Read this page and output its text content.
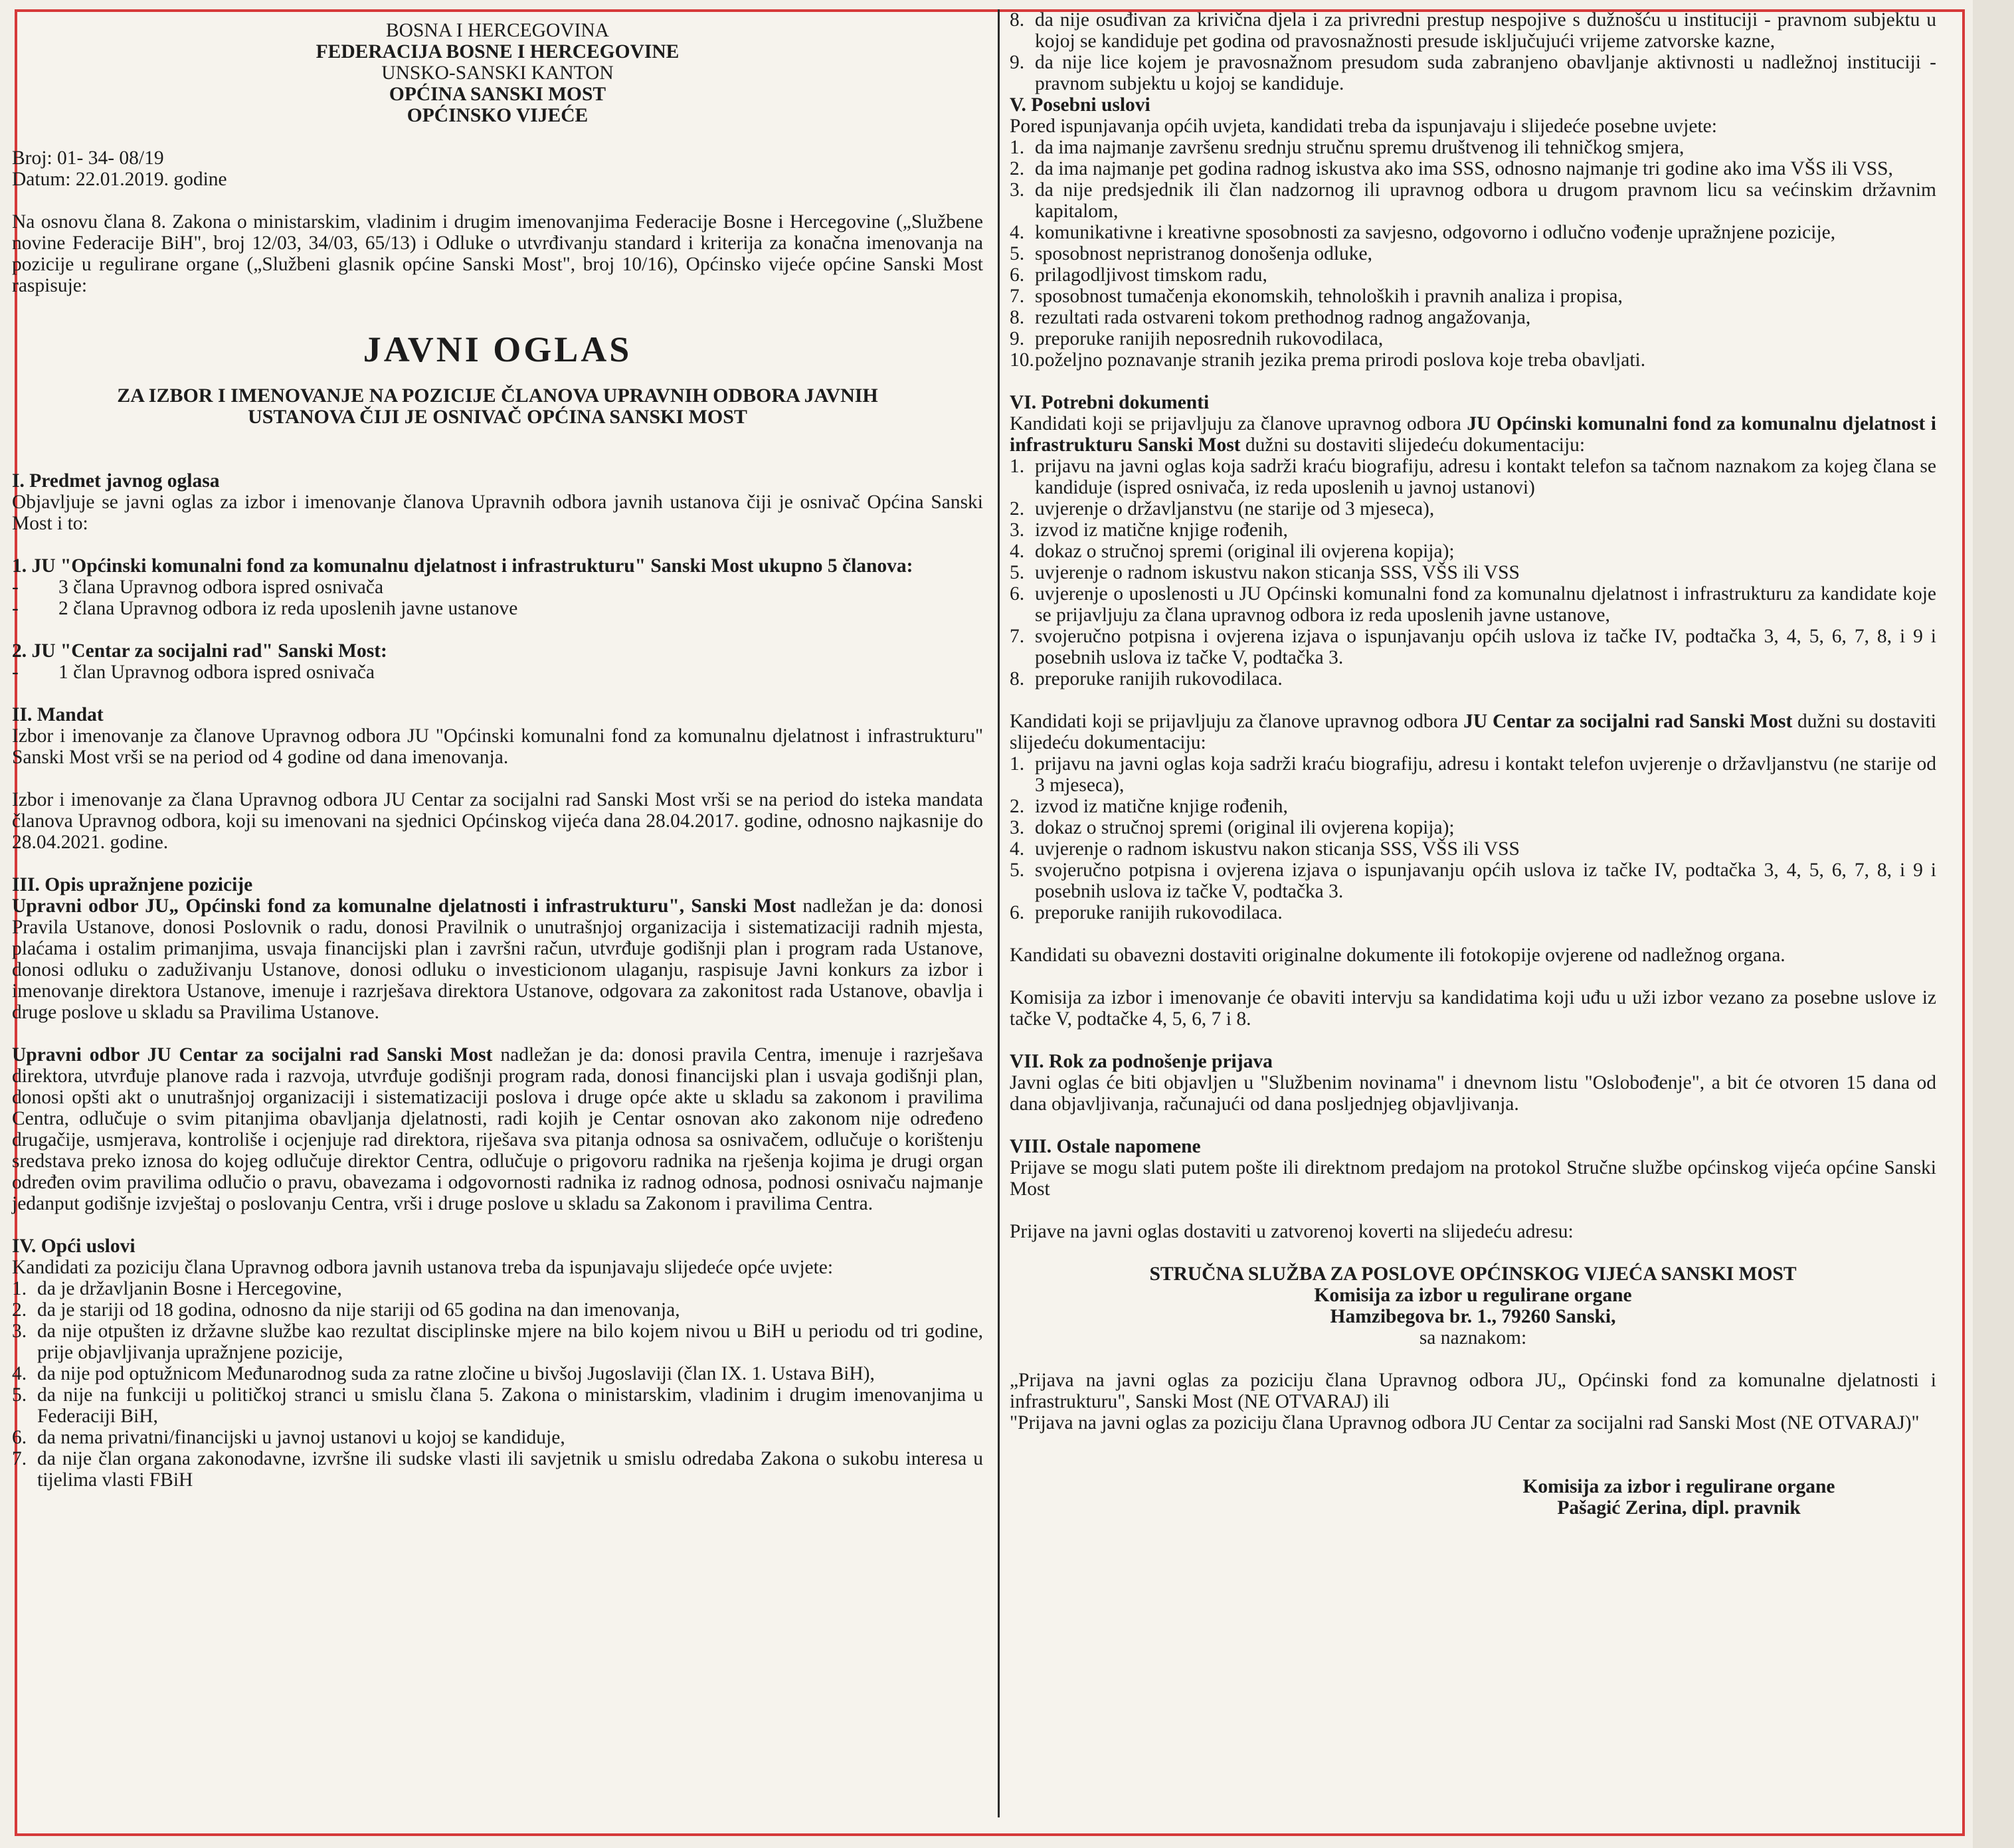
BOSNA I HERCEGOVINA

FEDERACIJA BOSNE I HERCEGOVINE

UNSKO-SANSKI KANTON

OPĆINA SANSKI MOST

OPĆINSKO VIJEĆE

Broj: 01- 34- 08/19

Datum: 22.01.2019. godine

Na osnovu člana 8. Zakona o ministarskim, vladinim i drugim imenovanjima Federacije Bosne i Hercegovine („Službene novine Federacije BiH", broj 12/03, 34/03, 65/13) i Odluke o utvrđivanju standard i kriterija za konačna imenovanja na pozicije u regulirane organe („Službeni glasnik općine Sanski Most", broj 10/16), Općinsko vijeće općine Sanski Most raspisuje:

JAVNI OGLAS

ZA IZBOR I IMENOVANJE NA POZICIJE ČLANOVA UPRAVNIH ODBORA JAVNIH USTANOVA ČIJI JE OSNIVAČ OPĆINA SANSKI MOST

I. Predmet javnog oglasa

Objavljuje se javni oglas za izbor i imenovanje članova Upravnih odbora javnih ustanova čiji je osnivač Općina Sanski Most i to:

1. JU "Općinski komunalni fond za komunalnu djelatnost i infrastrukturu" Sanski Most ukupno 5 članova:

- 3 člana Upravnog odbora ispred osnivača
- 2 člana Upravnog odbora iz reda uposlenih javne ustanove

2. JU "Centar za socijalni rad" Sanski Most:

- 1 član Upravnog odbora ispred osnivača

II. Mandat

Izbor i imenovanje za članove Upravnog odbora JU "Općinski komunalni fond za komunalnu djelatnost i infrastrukturu" Sanski Most vrši se na period od 4 godine od dana imenovanja.

Izbor i imenovanje za člana Upravnog odbora JU Centar za socijalni rad Sanski Most vrši se na period do isteka mandata članova Upravnog odbora, koji su imenovani na sjednici Općinskog vijeća dana 28.04.2017. godine, odnosno najkasnije do 28.04.2021. godine.

III. Opis upražnjene pozicije

Upravni odbor JU„ Općinski fond za komunalne djelatnosti i infrastrukturu", Sanski Most nadležan je da: donosi Pravila Ustanove, donosi Poslovnik o radu, donosi Pravilnik o unutrašnjoj organizacija i sistematizaciji radnih mjesta, plaćama i ostalim primanjima, usvaja financijski plan i završni račun, utvrđuje godišnji plan i program rada Ustanove, donosi odluku o zaduživanju Ustanove, donosi odluku o investicionom ulaganju, raspisuje Javni konkurs za izbor i imenovanje direktora Ustanove, imenuje i razrješava direktora Ustanove, odgovara za zakonitost rada Ustanove, obavlja i druge poslove u skladu sa Pravilima Ustanove.

Upravni odbor JU Centar za socijalni rad Sanski Most nadležan je da: donosi pravila Centra, imenuje i razrješava direktora, utvrđuje planove rada i razvoja, utvrđuje godišnji program rada, donosi financijski plan i usvaja godišnji plan, donosi opšti akt o unutrašnjoj organizaciji i sistematizaciji poslova i druge opće akte u skladu sa zakonom i pravilima Centra, odlučuje o svim pitanjima obavljanja djelatnosti, radi kojih je Centar osnovan ako zakonom nije određeno drugačije, usmjerava, kontroliše i ocjenjuje rad direktora, riješava sva pitanja odnosa sa osnivačem, odlučuje o korištenju sredstava preko iznosa do kojeg odlučuje direktor Centra, odlučuje o prigovoru radnika na rješenja kojima je drugi organ određen ovim pravilima odlučio o pravu, obavezama i odgovornosti radnika iz radnog odnosa, podnosi osnivaču najmanje jedanput godišnje izvještaj o poslovanju Centra, vrši i druge poslove u skladu sa Zakonom i pravilima Centra.

IV. Opći uslovi

Kandidati za poziciju člana Upravnog odbora javnih ustanova treba da ispunjavaju slijedeće opće uvjete:

1. da je državljanin Bosne i Hercegovine,
2. da je stariji od 18 godina, odnosno da nije stariji od 65 godina na dan imenovanja,
3. da nije otpušten iz državne službe kao rezultat disciplinske mjere na bilo kojem nivou u BiH u periodu od tri godine, prije objavljivanja upražnjene pozicije,
4. da nije pod optužnicom Međunarodnog suda za ratne zločine u bivšoj Jugoslaviji (član IX. 1. Ustava BiH),
5. da nije na funkciji u političkoj stranci u smislu člana 5. Zakona o ministarskim, vladinim i drugim imenovanjima u Federaciji BiH,
6. da nema privatni/financijski u javnoj ustanovi u kojoj se kandiduje,
7. da nije član organa zakonodavne, izvršne ili sudske vlasti ili savjetnik u smislu odredaba Zakona o sukobu interesa u tijelima vlasti FBiH
8. da nije osuđivan za krivična djela i za privredni prestup nespojive s dužnošću u instituciji - pravnom subjektu u kojoj se kandiduje pet godina od pravosnažnosti presude isključujući vrijeme zatvorske kazne,
9. da nije lice kojem je pravosnažnom presudom suda zabranjeno obavljanje aktivnosti u nadležnoj instituciji - pravnom subjektu u kojoj se kandiduje.

V. Posebni uslovi

Pored ispunjavanja općih uvjeta, kandidati treba da ispunjavaju i slijedeće posebne uvjete:

1. da ima najmanje završenu srednju stručnu spremu društvenog ili tehničkog smjera,
2. da ima najmanje pet godina radnog iskustva ako ima SSS, odnosno najmanje tri godine ako ima VŠS ili VSS,
3. da nije predsjednik ili član nadzornog ili upravnog odbora u drugom pravnom licu sa većinskim državnim kapitalom,
4. komunikativne i kreativne sposobnosti za savjesno, odgovorno i odlučno vođenje upražnjene pozicije,
5. sposobnost nepristranog donošenja odluke,
6. prilagodljivost timskom radu,
7. sposobnost tumačenja ekonomskih, tehnoloških i pravnih analiza i propisa,
8. rezultati rada ostvareni tokom prethodnog radnog angažovanja,
9. preporuke ranijih neposrednih rukovodilaca,
10. poželjno poznavanje stranih jezika prema prirodi poslova koje treba obavljati.

VI. Potrebni dokumenti

Kandidati koji se prijavljuju za članove upravnog odbora JU Općinski komunalni fond za komunalnu djelatnost i infrastrukturu Sanski Most dužni su dostaviti slijedeću dokumentaciju:

1. prijavu na javni oglas koja sadrži kraću biografiju, adresu i kontakt telefon sa tačnom naznakom za kojeg člana se kandiduje (ispred osnivača, iz reda uposlenih u javnoj ustanovi)
2. uvjerenje o državljanstvu (ne starije od 3 mjeseca),
3. izvod iz matične knjige rođenih,
4. dokaz o stručnoj spremi (original ili ovjerena kopija);
5. uvjerenje o radnom iskustvu nakon sticanja SSS, VŠS ili VSS
6. uvjerenje o uposlenosti u JU Općinski komunalni fond za komunalnu djelatnost i infrastrukturu za kandidate koje se prijavljuju za člana upravnog odbora iz reda uposlenih javne ustanove,
7. svojeručno potpisna i ovjerena izjava o ispunjavanju općih uslova iz tačke IV, podtačka 3, 4, 5, 6, 7, 8, i 9 i posebnih uslova iz tačke V, podtačka 3.
8. preporuke ranijih rukovodilaca.

Kandidati koji se prijavljuju za članove upravnog odbora JU Centar za socijalni rad Sanski Most dužni su dostaviti slijedeću dokumentaciju:

1. prijavu na javni oglas koja sadrži kraću biografiju, adresu i kontakt telefon uvjerenje o državljanstvu (ne starije od 3 mjeseca),
2. izvod iz matične knjige rođenih,
3. dokaz o stručnoj spremi (original ili ovjerena kopija);
4. uvjerenje o radnom iskustvu nakon sticanja SSS, VŠS ili VSS
5. svojeručno potpisna i ovjerena izjava o ispunjavanju općih uslova iz tačke IV, podtačka 3, 4, 5, 6, 7, 8, i 9 i posebnih uslova iz tačke V, podtačka 3.
6. preporuke ranijih rukovodilaca.

Kandidati su obavezni dostaviti originalne dokumente ili fotokopije ovjerene od nadležnog organa.

Komisija za izbor i imenovanje će obaviti intervju sa kandidatima koji uđu u uži izbor vezano za posebne uslove iz tačke V, podtačke 4, 5, 6, 7 i 8.

VII. Rok za podnošenje prijava

Javni oglas će biti objavljen u "Službenim novinama" i dnevnom listu "Oslobođenje", a bit će otvoren 15 dana od dana objavljivanja, računajući od dana posljednjeg objavljivanja.

VIII. Ostale napomene

Prijave se mogu slati putem pošte ili direktnom predajom na protokol Stručne službe općinskog vijeća općine Sanski Most

Prijave na javni oglas dostaviti u zatvorenoj koverti na slijedeću adresu:

STRUČNA SLUŽBA ZA POSLOVE OPĆINSKOG VIJEĆA SANSKI MOST

Komisija za izbor u regulirane organe

Hamzibegova br. 1., 79260 Sanski,

sa naznakom:

„Prijava na javni oglas za poziciju člana Upravnog odbora JU„ Općinski fond za komunalne djelatnosti i infrastrukturu", Sanski Most (NE OTVARAJ) ili

"Prijava na javni oglas za poziciju člana Upravnog odbora JU Centar za socijalni rad Sanski Most (NE OTVARAJ)"

Komisija za izbor i regulirane organe

Pašagić Zerina, dipl. pravnik
